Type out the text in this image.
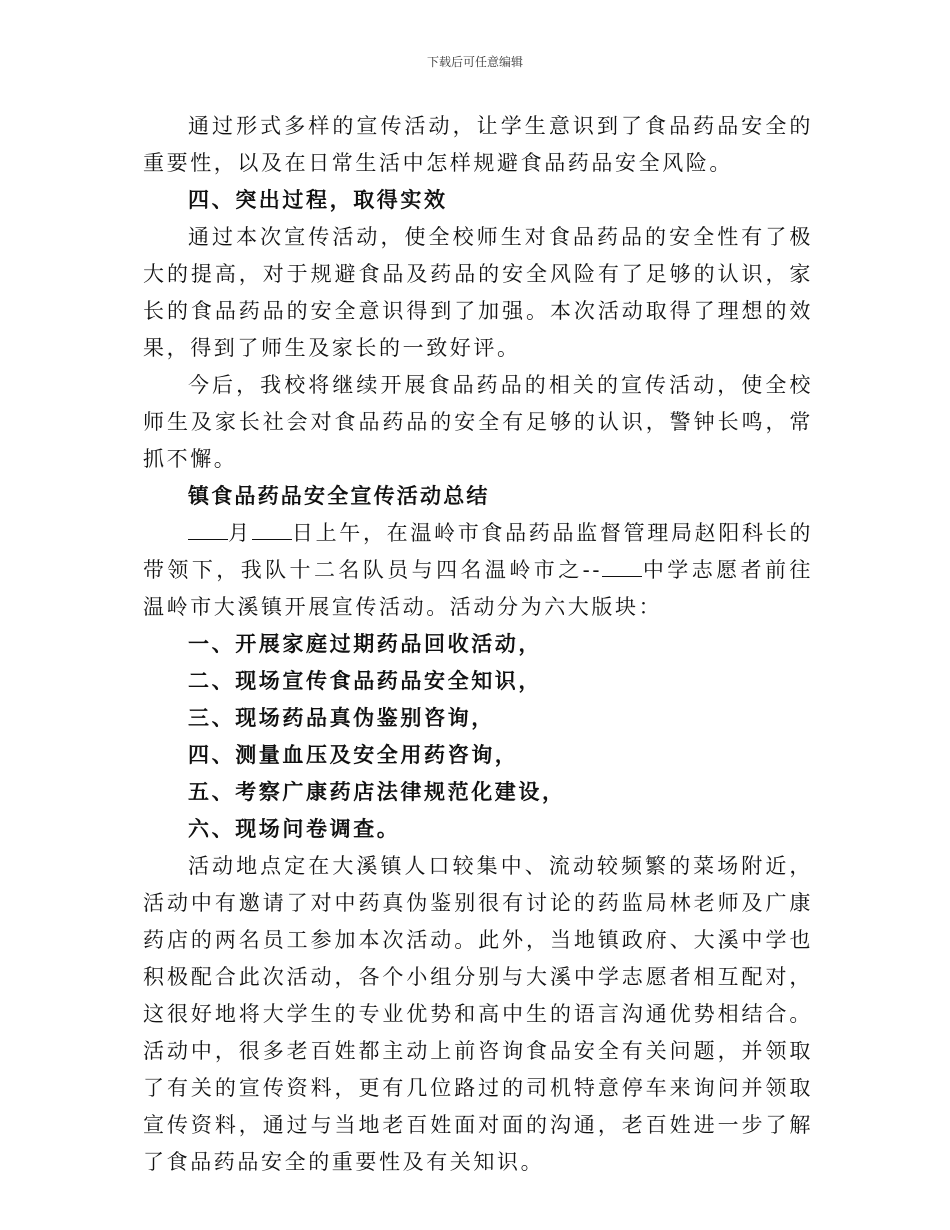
下载后可任意编辑

通过形式多样的宣传活动，让学生意识到了食品药品安全的重要性，以及在日常生活中怎样规避食品药品安全风险。

四、突出过程，取得实效

通过本次宣传活动，使全校师生对食品药品的安全性有了极大的提高，对于规避食品及药品的安全风险有了足够的认识，家长的食品药品的安全意识得到了加强。本次活动取得了理想的效果，得到了师生及家长的一致好评。

今后，我校将继续开展食品药品的相关的宣传活动，使全校师生及家长社会对食品药品的安全有足够的认识，警钟长鸣，常抓不懈。

镇食品药品安全宣传活动总结

月 日上午，在温岭市食品药品监督管理局赵阳科长的带领下，我队十二名队员与四名温岭市之-- 中学志愿者前往温岭市大溪镇开展宣传活动。活动分为六大版块：

一、开展家庭过期药品回收活动，

二、现场宣传食品药品安全知识，

三、现场药品真伪鉴别咨询，

四、测量血压及安全用药咨询，

五、考察广康药店法律规范化建设，

六、现场问卷调查。

活动地点定在大溪镇人口较集中、流动较频繁的菜场附近，活动中有邀请了对中药真伪鉴别很有讨论的药监局林老师及广康药店的两名员工参加本次活动。此外，当地镇政府、大溪中学也积极配合此次活动，各个小组分别与大溪中学志愿者相互配对，这很好地将大学生的专业优势和高中生的语言沟通优势相结合。活动中，很多老百姓都主动上前咨询食品安全有关问题，并领取了有关的宣传资料，更有几位路过的司机特意停车来询问并领取宣传资料，通过与当地老百姓面对面的沟通，老百姓进一步了解了食品药品安全的重要性及有关知识。
